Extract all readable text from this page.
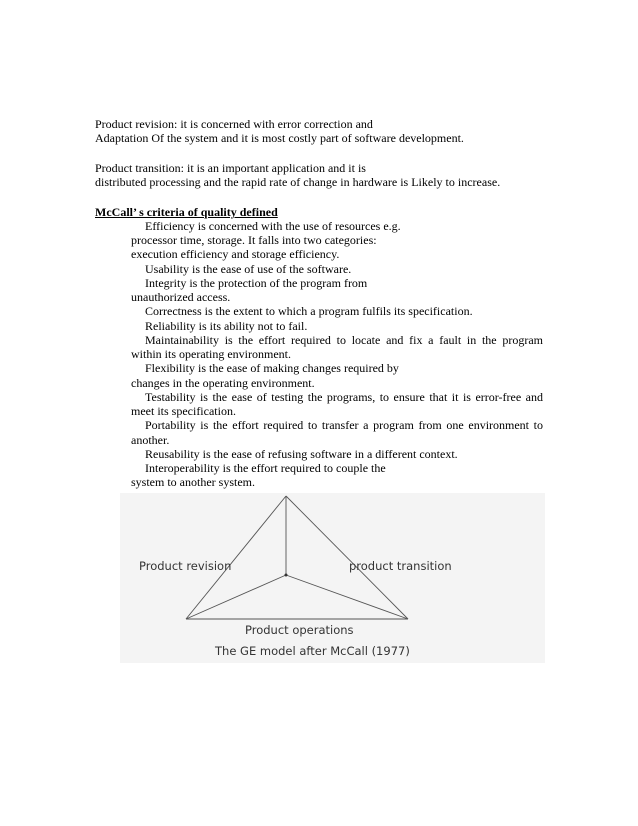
Product revision: it is concerned with error correction and
Adaptation Of the system and it is most costly part of software development.
Product transition: it is an important application and it is
distributed processing and the rapid rate of change in hardware is Likely to increase.
McCall’ s criteria of quality defined
Efficiency is concerned with the use of resources e.g.
processor time, storage. It falls into two categories:
execution efficiency and storage efficiency.
Usability is the ease of use of the software.
Integrity is the protection of the program from
unauthorized access.
Correctness is the extent to which a program fulfils its specification.
Reliability is its ability not to fail.
Maintainability is the effort required to locate and fix a fault in the program
within its operating environment.
Flexibility is the ease of making changes required by
changes in the operating environment.
Testability is the ease of testing the programs, to ensure that it is error-free and
meet its specification.
Portability is the effort required to transfer a program from one environment to
another.
Reusability is the ease of refusing software in a different context.
Interoperability is the effort required to couple the
system to another system.
Product revision	product transition
Product operations
The GE model after McCall (1977)
